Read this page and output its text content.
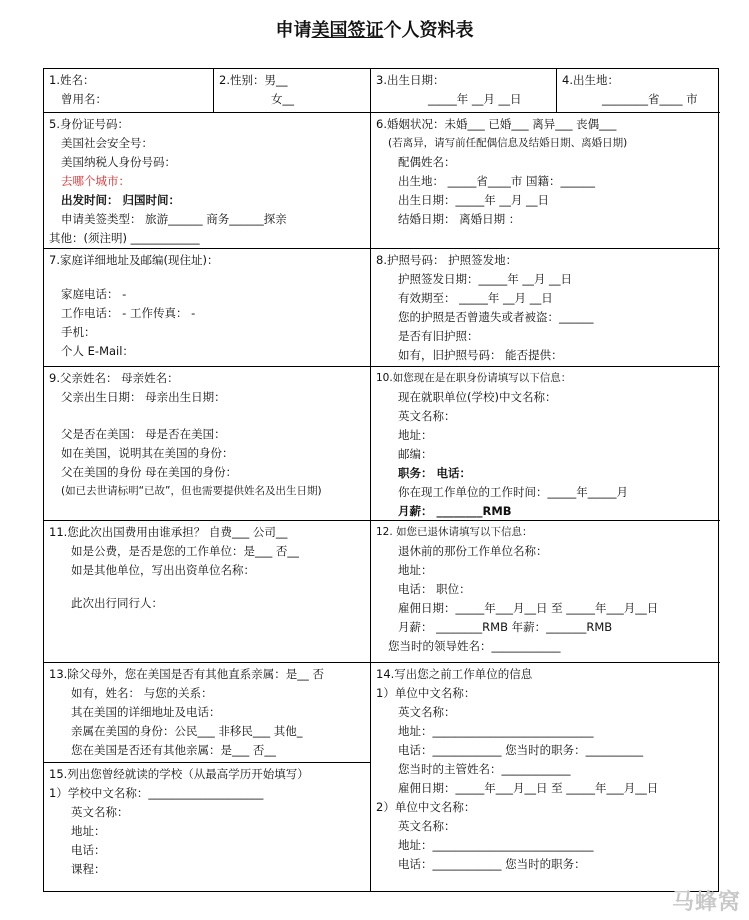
申请美国签证个人资料表
1.姓名：
曾用名：
2.性别：男__
女__
3.出生日期：
_____年 __月 __日
4.出生地：
________省____ 市
5.身份证号码：
美国社会安全号：
美国纳税人身份号码：
去哪个城市：
出发时间： 归国时间：
申请美签类型： 旅游______ 商务______探亲
其他：(须注明) ____________
6.婚姻状况：未婚___ 已婚___ 离异___ 丧偶___
(若离异，请写前任配偶信息及结婚日期、离婚日期)
配偶姓名：
出生地： _____省____市 国籍：______
出生日期：_____年 __月 __日
结婚日期： 离婚日期 ：
7.家庭详细地址及邮编(现住址)：
家庭电话： -
工作电话： - 工作传真： -
手机：
个人 E-Mail：
8.护照号码： 护照签发地：
护照签发日期：_____年 __月 __日
有效期至： _____年 __月 __日
您的护照是否曾遗失或者被盗：______
是否有旧护照：
如有，旧护照号码： 能否提供：
9.父亲姓名： 母亲姓名：
父亲出生日期： 母亲出生日期：
父是否在美国： 母是否在美国：
如在美国，说明其在美国的身份：
父在美国的身份 母在美国的身份：
(如已去世请标明“已故”，但也需要提供姓名及出生日期)
10.如您现在是在职身份请填写以下信息：
现在就职单位(学校)中文名称：
英文名称：
地址：
邮编：
职务： 电话：
你在现工作单位的工作时间：_____年_____月
月薪： ________RMB
11.您此次出国费用由谁承担？ 自费___ 公司__
如是公费，是否是您的工作单位：是___ 否__
如是其他单位，写出出资单位名称：
此次出行同行人：
12. 如您已退休请填写以下信息：
退休前的那份工作单位名称：
地址：
电话： 职位：
雇佣日期：_____年___月__日 至 _____年___月__日
月薪： ________RMB 年薪：_______RMB
您当时的领导姓名：____________
13.除父母外，您在美国是否有其他直系亲属：是__ 否
如有，姓名： 与您的关系：
其在美国的详细地址及电话：
亲属在美国的身份：公民___ 非移民___ 其他_
您在美国是否还有其他亲属：是___ 否__
15.列出您曾经就读的学校（从最高学历开始填写）
1）学校中文名称：____________________
英文名称：
地址：
电话：
课程：
14.写出您之前工作单位的信息
1）单位中文名称：
英文名称：
地址：____________________________
电话：____________ 您当时的职务：__________
您当时的主管姓名：____________
雇佣日期：_____年___月__日 至 _____年___月__日
2）单位中文名称：
英文名称：
地址：____________________________
电话：____________ 您当时的职务：
马蜂窝
